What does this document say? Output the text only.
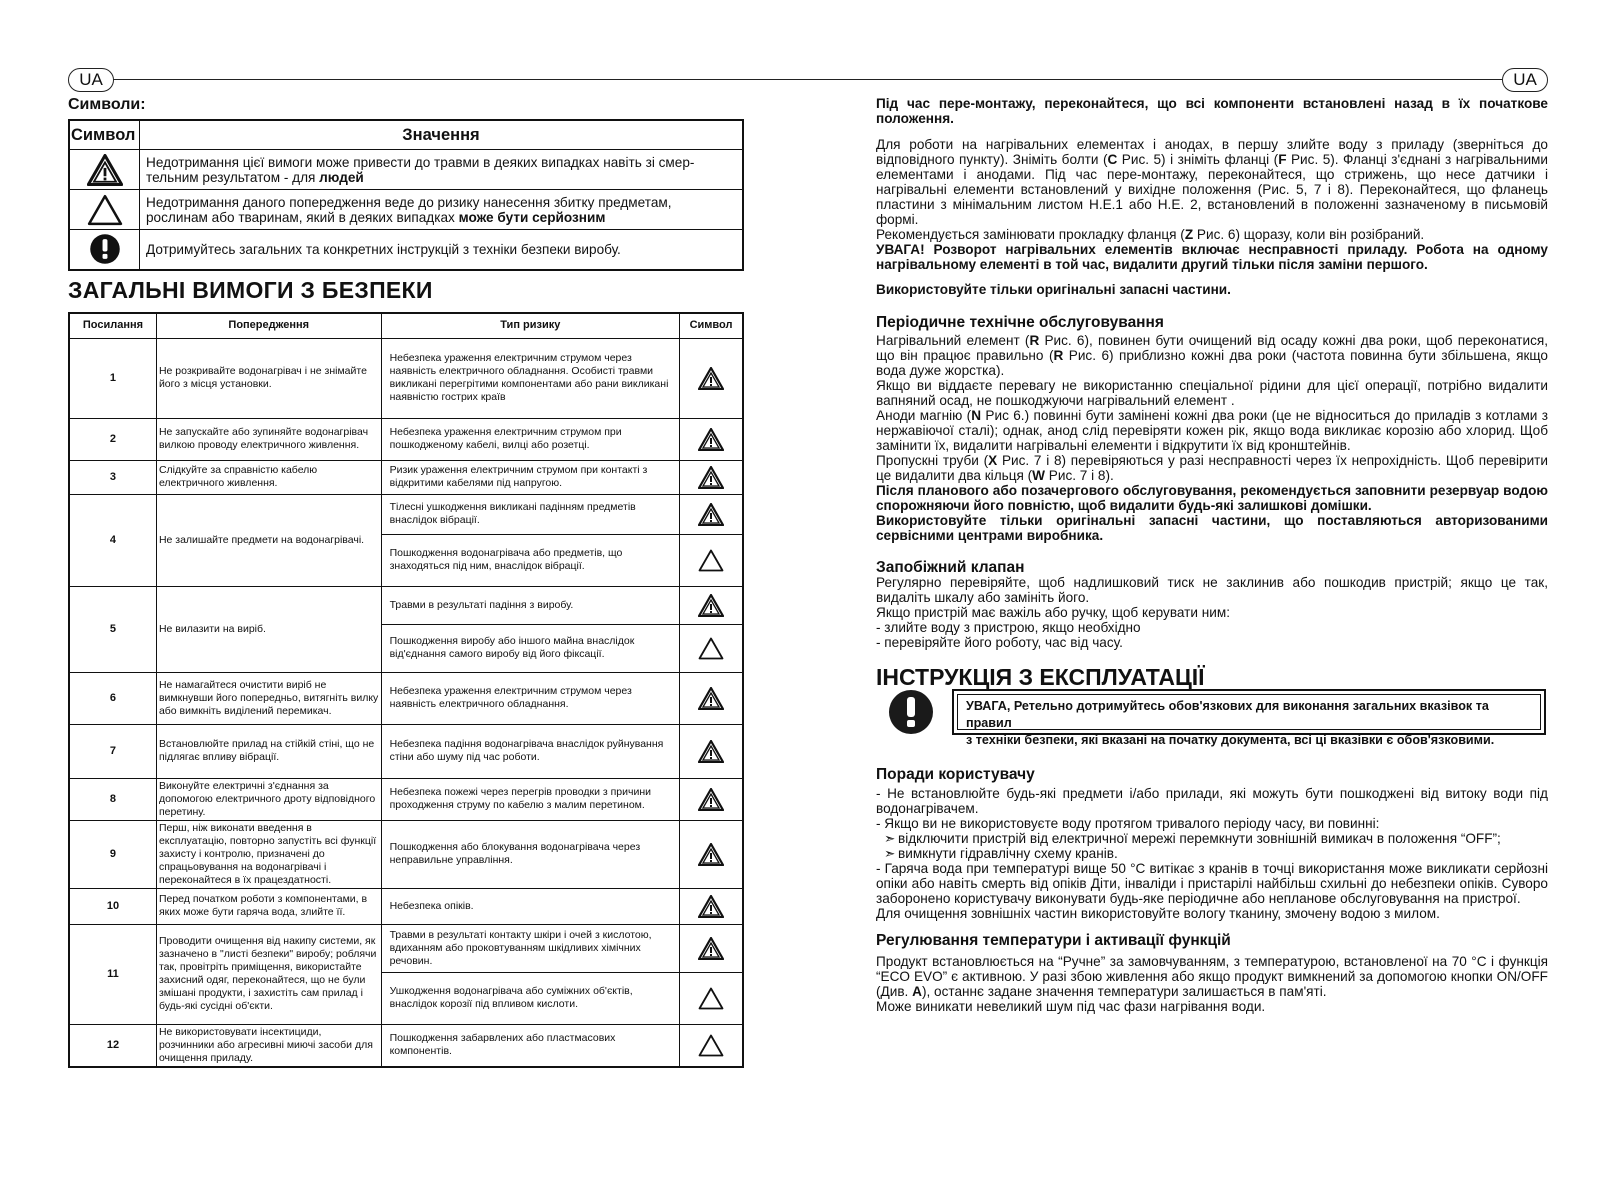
UA	UA
Символи:
Символ	Значення

	Недотримання цієї вимоги може привести до травми в деяких випадках навіть зі смер-тельним результатом - для людей

	Недотримання даного попередження веде до ризику нанесення збитку предметам, рослинам або тваринам, який в деяких випадках може бути серйозним

	Дотримуйтесь загальних та конкретних інструкцій з техніки безпеки виробу.
ЗАГАЛЬНІ ВИМОГИ З БЕЗПЕКИ
Посилання	Попередження	Тип ризику	Символ
1	Не розкривайте водонагрівач і не знімайте його з місця установки.	Небезпека ураження електричним струмом через наявність електричного обладнання. Особисті травми викликані перегрітими компонентами або рани викликані наявністю гострих країв	

2	Не запускайте або зупиняйте водонагрівач вилкою проводу електричного живлення.	Небезпека ураження електричним струмом при пошкодженому кабелі, вилці або розетці.	

3	Слідкуйте за справністю кабелю електричного живлення.	Ризик ураження електричним струмом при контакті з відкритими кабелями під напругою.	

4	Не залишайте предмети на водонагрівачі.	Тілесні ушкодження викликані падінням предметів внаслідок вібрації.	

		Пошкодження водонагрівача або предметів, що знаходяться під ним, внаслідок вібрації.	

5	Не вилазити на виріб.	Травми в результаті падіння з виробу.	

		Пошкодження виробу або іншого майна внаслідок від'єднання самого виробу від його фіксації.	

6	Не намагайтеся очистити виріб не вимкнувши його попередньо, витягніть вилку або вимкніть виділений перемикач.	Небезпека ураження електричним струмом через наявність електричного обладнання.	

7	Встановлюйте прилад на стійкій стіні, що не підлягає впливу вібрації.	Небезпека падіння водонагрівача внаслідок руйнування стіни або шуму під час роботи.	

8	Виконуйте електричні з'єднання за допомогою електричного дроту відповідного перетину.	Небезпека пожежі через перегрів проводки з причини проходження струму по кабелю з малим перетином.	

9	Перш, ніж виконати введення в експлуатацію, повторно запустіть всі функції захисту і контролю, призначені до спрацьовування на водонагрівачі і переконайтеся в їх працездатності.	Пошкодження або блокування водонагрівача через неправильне управління.	

10	Перед початком роботи з компонентами, в яких може бути гаряча вода, злийте її.	Небезпека опіків.	

11	Проводити очищення від накипу системи, як зазначено в "листі безпеки" виробу; роблячи так, провітріть приміщення, використайте захисний одяг, переконайтеся, що не були змішані продукти, і захистіть сам прилад і будь-які сусідні об'єкти.	Травми в результаті контакту шкіри і очей з кислотою, вдиханням або проковтуванням шкідливих хімічних речовин.	

		Ушкодження водонагрівача або суміжних об'єктів, внаслідок корозії під впливом кислоти.	

12	Не використовувати інсектициди, розчинники або агресивні миючі засоби для очищення приладу.	Пошкодження забарвлених або пластмасових компонентів.	

Під час пере-монтажу, переконайтеся, що всі компоненти встановлені назад в їх початкове положення.

Для роботи на нагрівальних елементах і анодах, в першу злийте воду з приладу (зверніться до відповідного пункту). Зніміть болти (C Рис. 5) і зніміть фланці (F Рис. 5). Фланці з'єднані з нагрівальними елементами і анодами. Під час пере-монтажу, переконайтеся, що стрижень, що несе датчики і нагрівальні елементи встановлений у вихідне положення (Рис. 5, 7 і 8). Переконайтеся, що фланець пластини з мінімальним листом Н.Е.1 або Н.Е. 2, встановлений в положенні зазначеному в письмовій формі.

Рекомендується замінювати прокладку фланця (Z Рис. 6) щоразу, коли він розібраний.

УВАГА! Розворот нагрівальних елементів включає несправності приладу. Робота на одному нагрівальному елементі в той час, видалити другий тільки після заміни першого.

Використовуйте тільки оригінальні запасні частини.

Періодичне технічне обслуговування

Нагрівальний елемент (R Рис. 6), повинен бути очищений від осаду кожні два роки, щоб переконатися, що він працює правильно (R Рис. 6) приблизно кожні два роки (частота повинна бути збільшена, якщо вода дуже жорстка).

Якщо ви віддаєте перевагу не використанню спеціальної рідини для цієї операції, потрібно видалити вапняний осад, не пошкоджуючи нагрівальний елемент .

Аноди магнію (N Рис 6.) повинні бути замінені кожні два роки (це не відноситься до приладів з котлами з нержавіючої сталі); однак, анод слід перевіряти кожен рік, якщо вода викликає корозію або хлорид. Щоб замінити їх, видалити нагрівальні елементи і відкрутити їх від кронштейнів.

Пропускні труби (X Рис. 7 і 8) перевіряються у разі несправності через їх непрохідність. Щоб перевірити це видалити два кільця (W Рис. 7 і 8).

Після планового або позачергового обслуговування, рекомендується заповнити резервуар водою спорожняючи його повністю, щоб видалити будь-які залишкові домішки.

Використовуйте тільки оригінальні запасні частини, що поставляються авторизованими сервісними центрами виробника.

Запобіжний клапан

Регулярно перевіряйте, щоб надлишковий тиск не заклинив або пошкодив пристрій; якщо це так, видаліть шкалу або замініть його.

Якщо пристрій має важіль або ручку, щоб керувати ним:

- злийте воду з пристрою, якщо необхідно

- перевіряйте його роботу, час від часу.

ІНСТРУКЦІЯ З ЕКСПЛУАТАЦІЇ

УВАГА, Ретельно дотримуйтесь обов'язкових для виконання загальних вказівок та правил
з техніки безпеки, які вказані на початку документа, всі ці вказівки є обов'язковими.

Поради користувачу

- Не встановлюйте будь-які предмети і/або прилади, які можуть бути пошкоджені від витоку води під водонагрівачем.

- Якщо ви не використовуєте воду протягом тривалого періоду часу, ви повинні:

➣ відключити пристрій від електричної мережі перемкнути зовнішній вимикач в положення “OFF”;

➣ вимкнути гідравлічну схему кранів.

- Гаряча вода при температурі вище 50 °C витікає з кранів в точці використання може викликати серйозні опіки або навіть смерть від опіків Діти, інваліди і пристарілі найбільш схильні до небезпеки опіків. Суворо заборонено користувачу виконувати будь-яке періодичне або непланове обслуговування на пристрої.

Для очищення зовнішніх частин використовуйте вологу тканину, змочену водою з милом.

Регулювання температури і активації функцій

Продукт встановлюється на “Ручне” за замовчуванням, з температурою, встановленої на 70 °C і функція “ECO EVO” є активною. У разі збою живлення або якщо продукт вимкнений за допомогою кнопки ON/OFF (Див. A), останнє задане значення температури залишається в пам'яті.

Може виникати невеликий шум під час фази нагрівання води.
